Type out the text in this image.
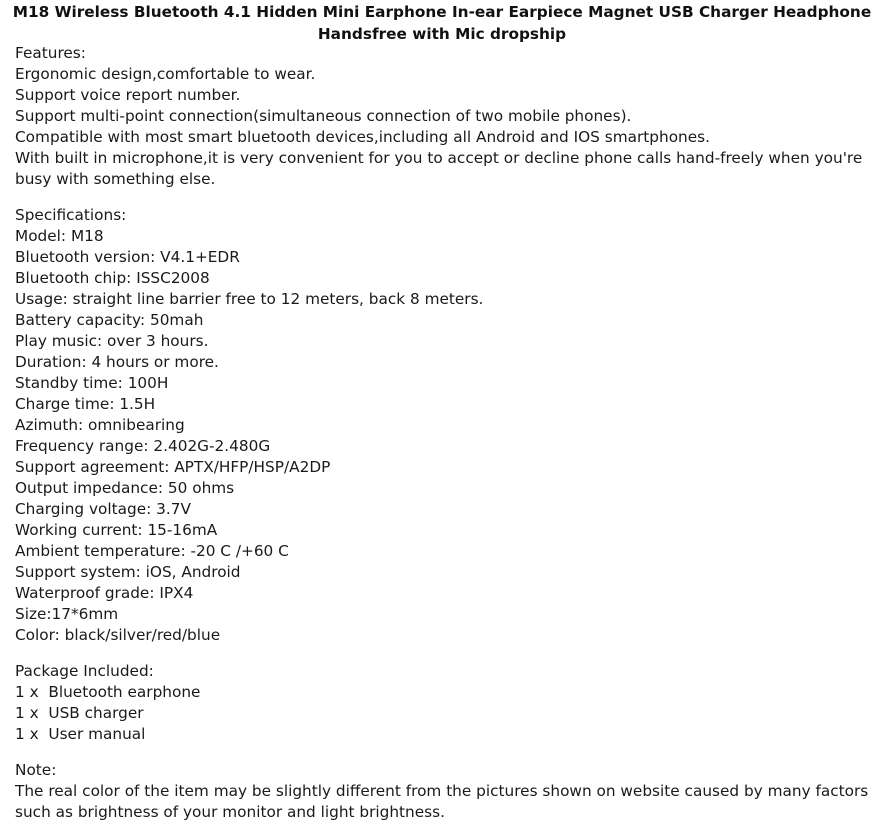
M18 Wireless Bluetooth 4.1 Hidden Mini Earphone In-ear Earpiece Magnet USB Charger Headphone Handsfree with Mic dropship
Features:
Ergonomic design,comfortable to wear.
Support voice report number.
Support multi-point connection(simultaneous connection of two mobile phones).
Compatible with most smart bluetooth devices,including all Android and IOS smartphones.
With built in microphone,it is very convenient for you to accept or decline phone calls hand-freely when you're busy with something else.
Specifications:
Model: M18
Bluetooth version: V4.1+EDR
Bluetooth chip: ISSC2008
Usage: straight line barrier free to 12 meters, back 8 meters.
Battery capacity: 50mah
Play music: over 3 hours.
Duration: 4 hours or more.
Standby time: 100H
Charge time: 1.5H
Azimuth: omnibearing
Frequency range: 2.402G-2.480G
Support agreement: APTX/HFP/HSP/A2DP
Output impedance: 50 ohms
Charging voltage: 3.7V
Working current: 15-16mA
Ambient temperature: -20 C /+60 C
Support system: iOS, Android
Waterproof grade: IPX4
Size:17*6mm
Color: black/silver/red/blue
Package Included:
1 x  Bluetooth earphone
1 x  USB charger
1 x  User manual
Note:
The real color of the item may be slightly different from the pictures shown on website caused by many factors such as brightness of your monitor and light brightness.
